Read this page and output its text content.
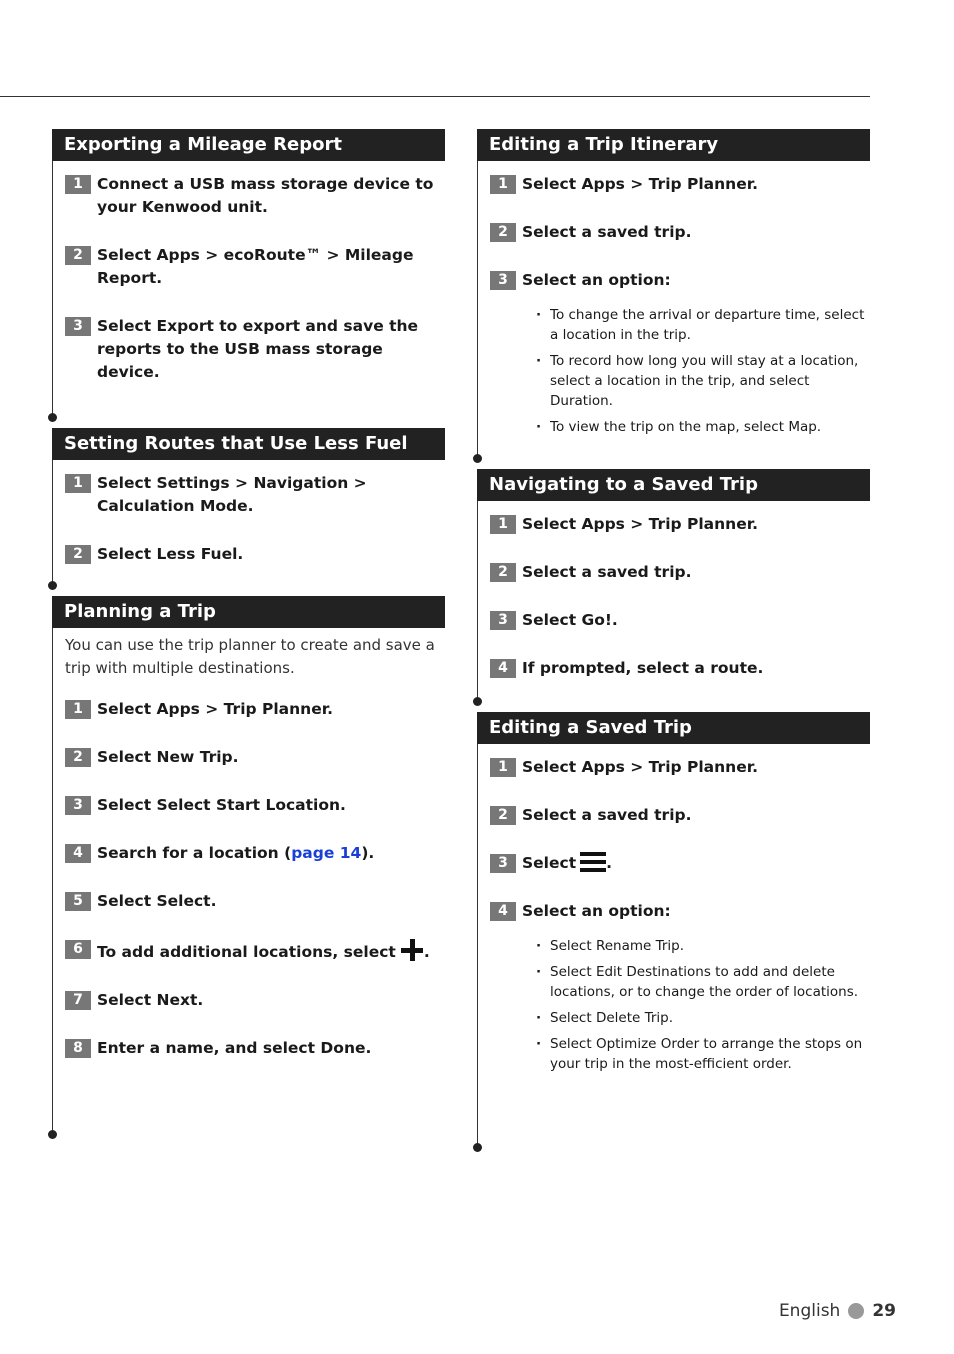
Exporting a Mileage Report
1 Connect a USB mass storage device to your Kenwood unit.
2 Select Apps > ecoRoute™ > Mileage Report.
3 Select Export to export and save the reports to the USB mass storage device.
Setting Routes that Use Less Fuel
1 Select Settings > Navigation > Calculation Mode.
2 Select Less Fuel.
Planning a Trip

You can use the trip planner to create and save a trip with multiple destinations.

1 Select Apps > Trip Planner.
2 Select New Trip.
3 Select Select Start Location.
4 Search for a location (page 14).
5 Select Select.
6 To add additional locations, select .
7 Select Next.
8 Enter a name, and select Done.
Editing a Trip Itinerary
1 Select Apps > Trip Planner.
2 Select a saved trip.
3 Select an option:
· To change the arrival or departure time, select a location in the trip.
· To record how long you will stay at a location, select a location in the trip, and select Duration.
· To view the trip on the map, select Map.
Navigating to a Saved Trip
1 Select Apps > Trip Planner.
2 Select a saved trip.
3 Select Go!.
4 If prompted, select a route.
Editing a Saved Trip
1 Select Apps > Trip Planner.
2 Select a saved trip.
3 Select .
4 Select an option:
· Select Rename Trip.
· Select Edit Destinations to add and delete locations, or to change the order of locations.
· Select Delete Trip.
· Select Optimize Order to arrange the stops on your trip in the most-efficient order.
English 29
